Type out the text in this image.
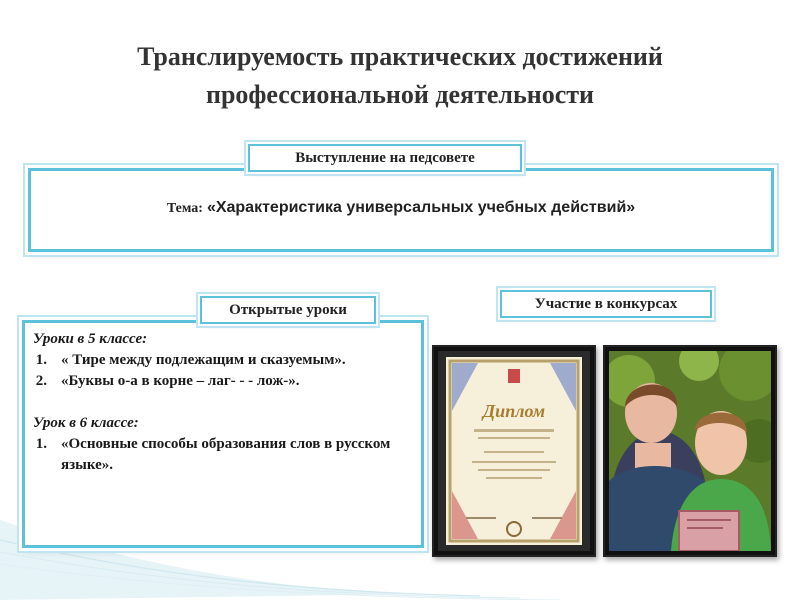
Транслируемость практических достижений
профессиональной деятельности
Тема: «Характеристика универсальных учебных действий»
Выступление на педсовете
Уроки в 5 классе:
1. « Тире между подлежащим и сказуемым».
2. «Буквы о-а в корне – лаг- - - лож-».
Урок в 6 классе:
1. «Основные способы образования слов в русском языке».
Открытые уроки	Участие в конкурсах
Диплом
